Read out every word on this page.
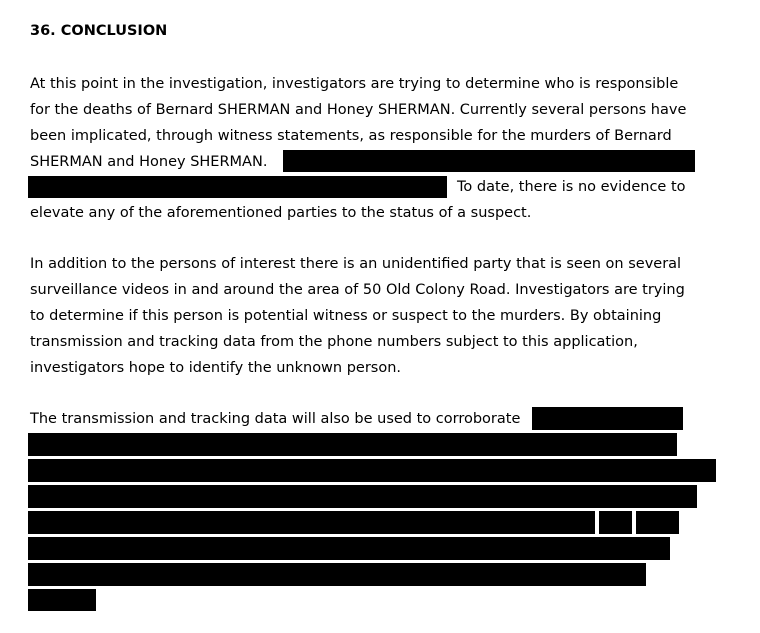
36. CONCLUSION
At this point in the investigation, investigators are trying to determine who is responsible
for the deaths of Bernard SHERMAN and Honey SHERMAN. Currently several persons have
been implicated, through witness statements, as responsible for the murders of Bernard
SHERMAN and Honey SHERMAN.
To date, there is no evidence to
elevate any of the aforementioned parties to the status of a suspect.
In addition to the persons of interest there is an unidentified party that is seen on several
surveillance videos in and around the area of 50 Old Colony Road. Investigators are trying
to determine if this person is potential witness or suspect to the murders. By obtaining
transmission and tracking data from the phone numbers subject to this application,
investigators hope to identify the unknown person.
The transmission and tracking data will also be used to corroborate
